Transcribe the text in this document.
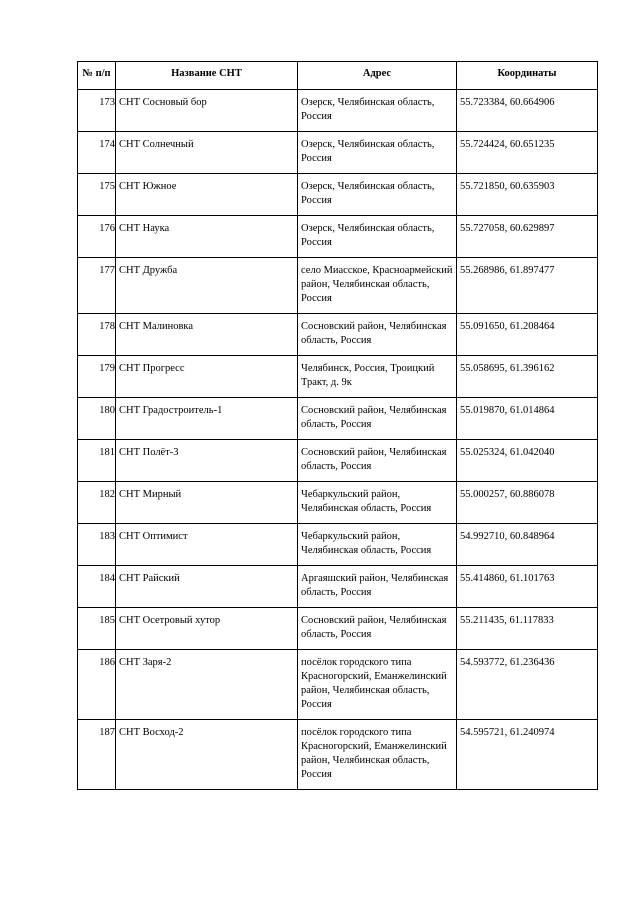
№ п/п	Название СНТ	Адрес	Координаты
173	СНТ Сосновый бор	Озерск, Челябинская область, Россия	55.723384, 60.664906
174	СНТ Солнечный	Озерск, Челябинская область, Россия	55.724424, 60.651235
175	СНТ Южное	Озерск, Челябинская область, Россия	55.721850, 60.635903
176	СНТ Наука	Озерск, Челябинская область, Россия	55.727058, 60.629897
177	СНТ Дружба	село Миасское, Красноармейский район, Челябинская область, Россия	55.268986, 61.897477
178	СНТ Малиновка	Сосновский район, Челябинская область, Россия	55.091650, 61.208464
179	СНТ Прогресс	Челябинск, Россия, Троицкий Тракт, д. 9к	55.058695, 61.396162
180	СНТ Градостроитель-1	Сосновский район, Челябинская область, Россия	55.019870, 61.014864
181	СНТ Полёт-3	Сосновский район, Челябинская область, Россия	55.025324, 61.042040
182	СНТ Мирный	Чебаркульский район, Челябинская область, Россия	55.000257, 60.886078
183	СНТ Оптимист	Чебаркульский район, Челябинская область, Россия	54.992710, 60.848964
184	СНТ Райский	Аргаяшский район, Челябинская область, Россия	55.414860, 61.101763
185	СНТ Осетровый хутор	Сосновский район, Челябинская область, Россия	55.211435, 61.117833
186	СНТ Заря-2	посёлок городского типа Красногорский, Еманжелинский район, Челябинская область, Россия	54.593772, 61.236436
187	СНТ Восход-2	посёлок городского типа Красногорский, Еманжелинский район, Челябинская область, Россия	54.595721, 61.240974
